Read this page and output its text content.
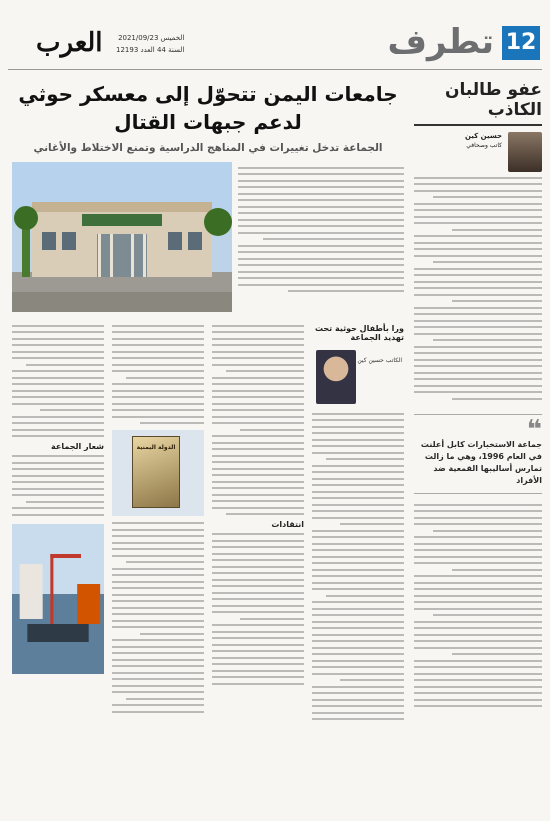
12
تطرف
الخميس 2021/09/23
السنة 44 العدد 12193
العرب
عفو طالبان الكاذب
حسين كين
كاتب وصحافي
❝
جماعة الاستخبارات كابل أعلنت في العام 1996، وهي ما زالت تمارس أساليبها القمعية ضد الأفراد
جامعات اليمن تتحوّل إلى معسكر حوثي لدعم جبهات القتال
الجماعة تدخل تغييرات في المناهج الدراسية وتمنع الاختلاط والأغاني
شعار الجماعة	الدولة اليمنية
انتقادات
ورا بأطفال حوثية تحت تهديد الجماعة
الكاتب حسين كين
